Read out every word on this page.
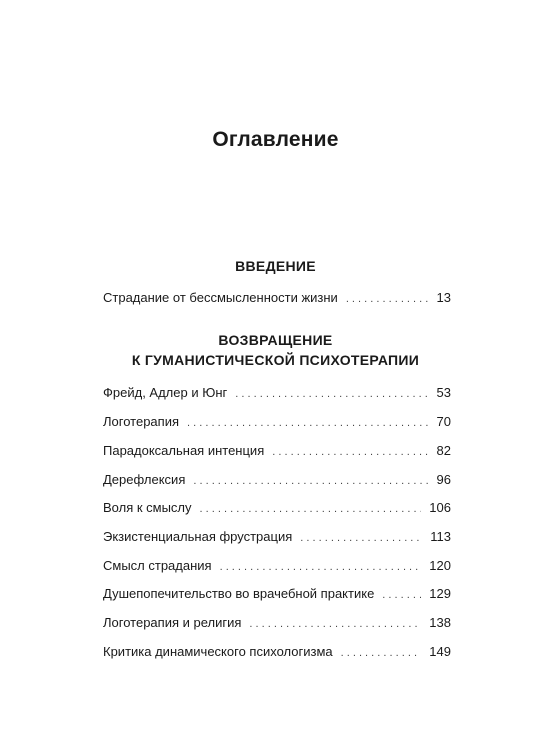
Оглавление
ВВЕДЕНИЕ
Страдание от бессмысленности жизни . . .	13
ВОЗВРАЩЕНИЕ
К ГУМАНИСТИЧЕСКОЙ ПСИХОТЕРАПИИ
Фрейд, Адлер и Юнг . . .	53
Логотерапия . . .	70
Парадоксальная интенция . . .	82
Дерефлексия . . .	96
Воля к смыслу . . .	106
Экзистенциальная фрустрация . . .	113
Смысл страдания . . .	120
Душепопечительство во врачебной практике . . .	129
Логотерапия и религия . . .	138
Критика динамического психологизма . . .	149
